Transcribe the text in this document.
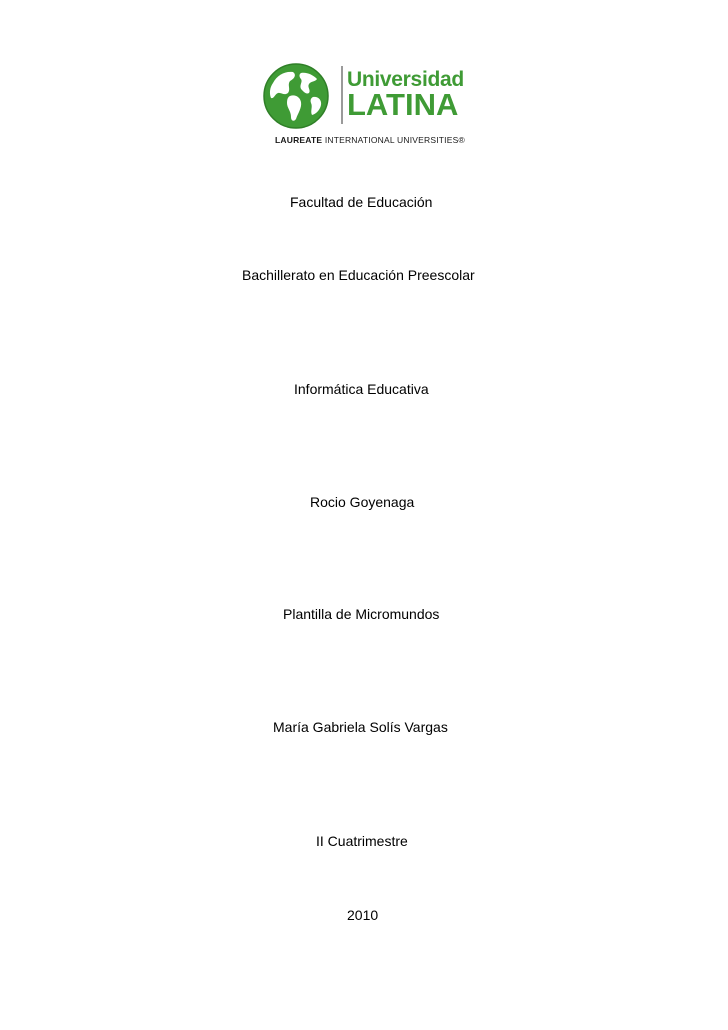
Universidad
LATINA
LAUREATE INTERNATIONAL UNIVERSITIES®
Facultad de Educación
Bachillerato en Educación Preescolar
Informática Educativa
Rocio Goyenaga
Plantilla de Micromundos
María Gabriela Solís Vargas
II Cuatrimestre
2010
